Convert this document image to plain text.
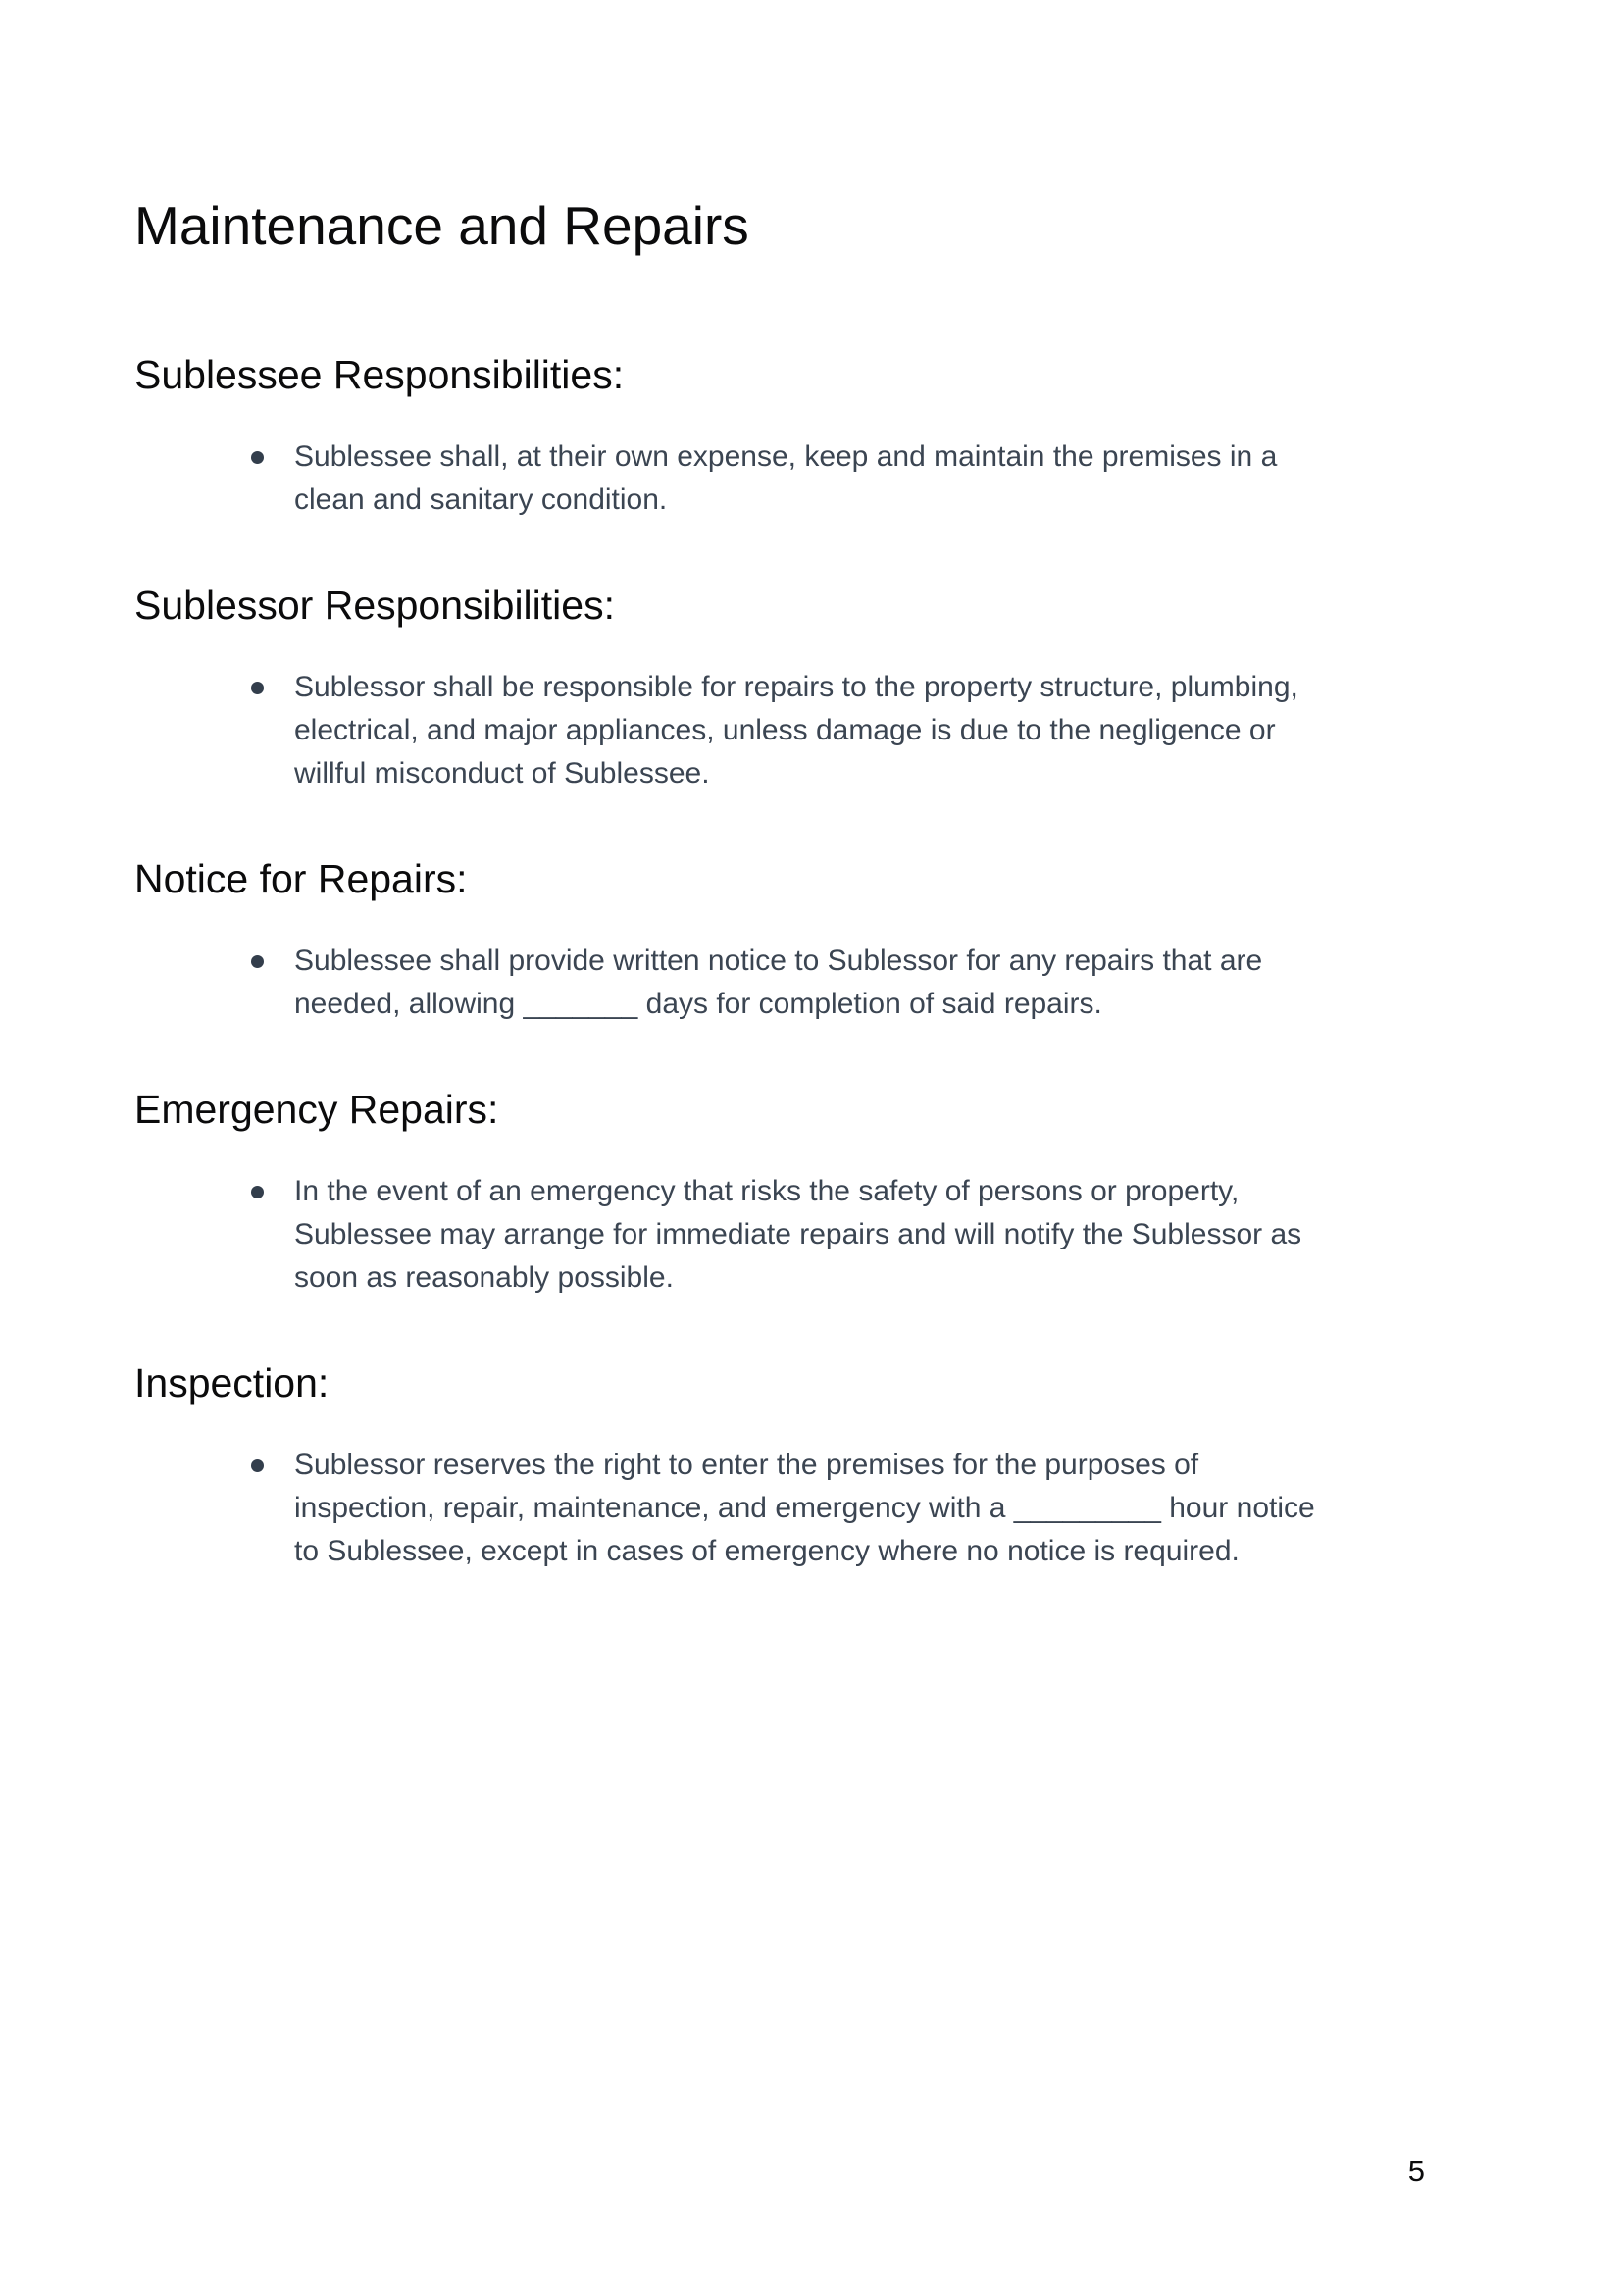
Maintenance and Repairs
Sublessee Responsibilities:
Sublessee shall, at their own expense, keep and maintain the premises in a
clean and sanitary condition.
Sublessor Responsibilities:
Sublessor shall be responsible for repairs to the property structure, plumbing,
electrical, and major appliances, unless damage is due to the negligence or
willful misconduct of Sublessee.
Notice for Repairs:
Sublessee shall provide written notice to Sublessor for any repairs that are
needed, allowing _______ days for completion of said repairs.
Emergency Repairs:
In the event of an emergency that risks the safety of persons or property,
Sublessee may arrange for immediate repairs and will notify the Sublessor as
soon as reasonably possible.
Inspection:
Sublessor reserves the right to enter the premises for the purposes of
inspection, repair, maintenance, and emergency with a _________ hour notice
to Sublessee, except in cases of emergency where no notice is required.
5
